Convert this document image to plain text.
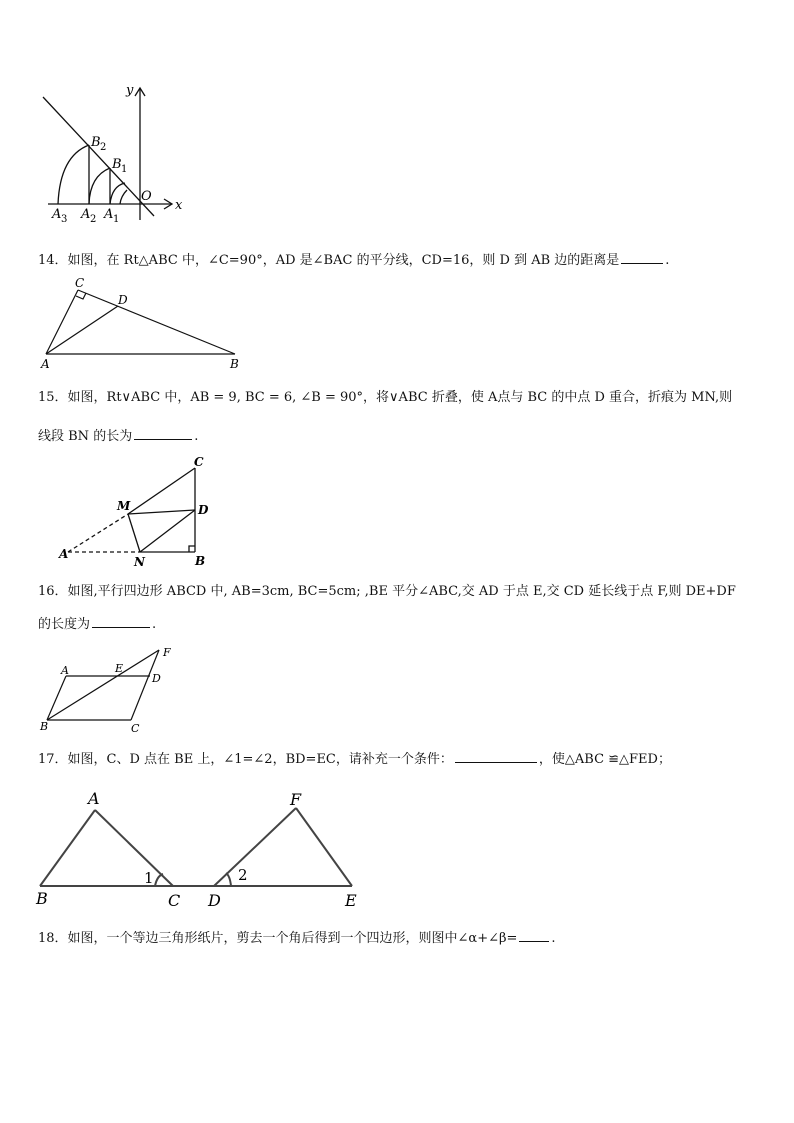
y
x
O
B 2
B 1
A 3 A 2 A 1
14．如图，在 Rt△ABC 中，∠C=90°，AD 是∠BAC 的平分线，CD=16，则 D 到 AB 边的距离是	.
C
D
A	B
15．如图，Rt∨ABC 中，AB = 9, BC = 6, ∠B = 90°，将∨ABC 折叠，使 A点与 BC 的中点 D 重合，折痕为 MN,则
线段 BN 的长为	.
C
M	D
A
N	B
16．如图,平行四边形 ABCD 中, AB=3cm, BC=5cm; ,BE 平分∠ABC,交 AD 于点 E,交 CD 延长线于点 F,则 DE+DF
的长度为	.
A	E
F
D
B	C
17．如图，C、D 点在 BE 上，∠1=∠2，BD=EC，请补充一个条件：	，使△ABC ≌△FED；
A	F
1	2
B	C D	E
18．如图，一个等边三角形纸片，剪去一个角后得到一个四边形，则图中∠α+∠β=	.
